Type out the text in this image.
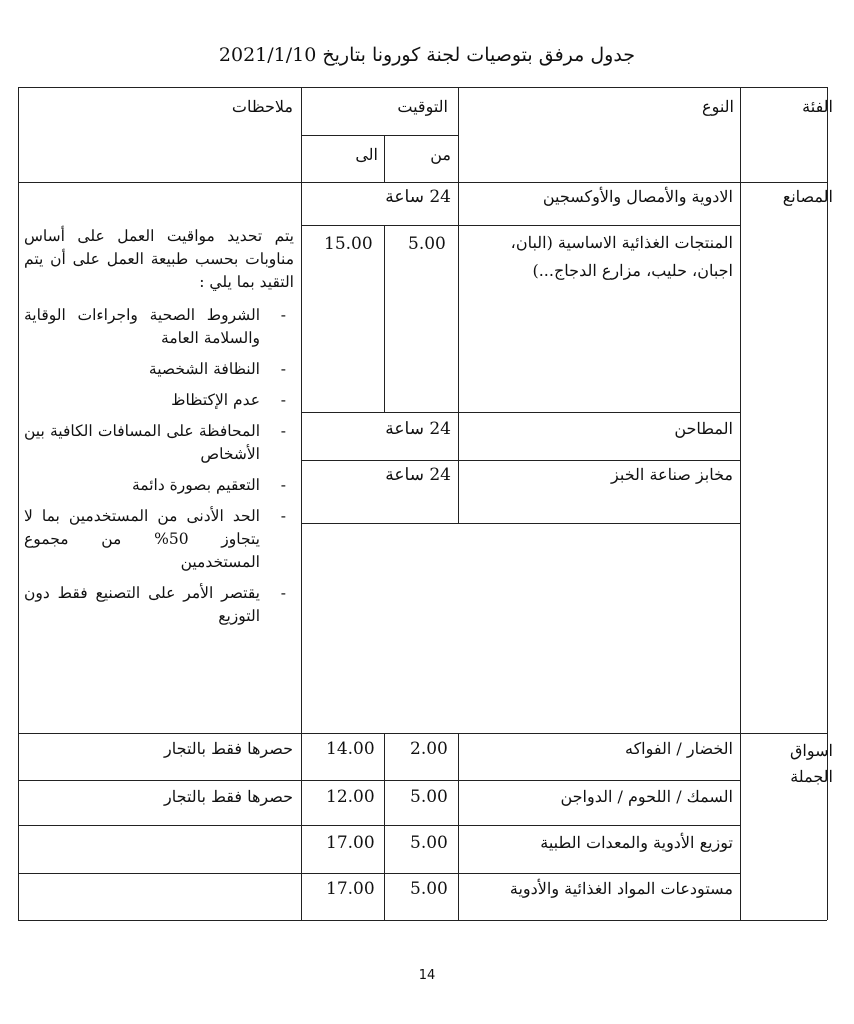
جدول مرفق بتوصيات لجنة كورونا بتاريخ 2021/1/10
الفئة
النوع
التوقيت
من
الى
ملاحظات
المصانع
الادوية والأمصال والأوكسجين
24 ساعة
المنتجات الغذائية الاساسية (البان،
اجبان، حليب، مزارع الدجاج...)
5.00
15.00
المطاحن
24 ساعة
مخابز صناعة الخبز
24 ساعة

يتم تحديد مواقيت العمل على أساس مناوبات بحسب طبيعة العمل على أن يتم التقيد بما يلي :

- الشروط الصحية واجراءات الوقاية والسلامة العامة
- النظافة الشخصية
- عدم الإكتظاظ
- المحافظة على المسافات الكافية بين الأشخاص
- التعقيم بصورة دائمة
- الحد الأدنى من المستخدمين بما لا يتجاوز 50% من مجموع المستخدمين
- يقتصر الأمر على التصنيع فقط دون التوزيع
اسواق
الجملة
الخضار / الفواكه
2.00
14.00
حصرها فقط بالتجار
السمك / اللحوم / الدواجن
5.00
12.00
حصرها فقط بالتجار
توزيع الأدوية والمعدات الطبية
5.00
17.00
مستودعات المواد الغذائية والأدوية
5.00
17.00
14
